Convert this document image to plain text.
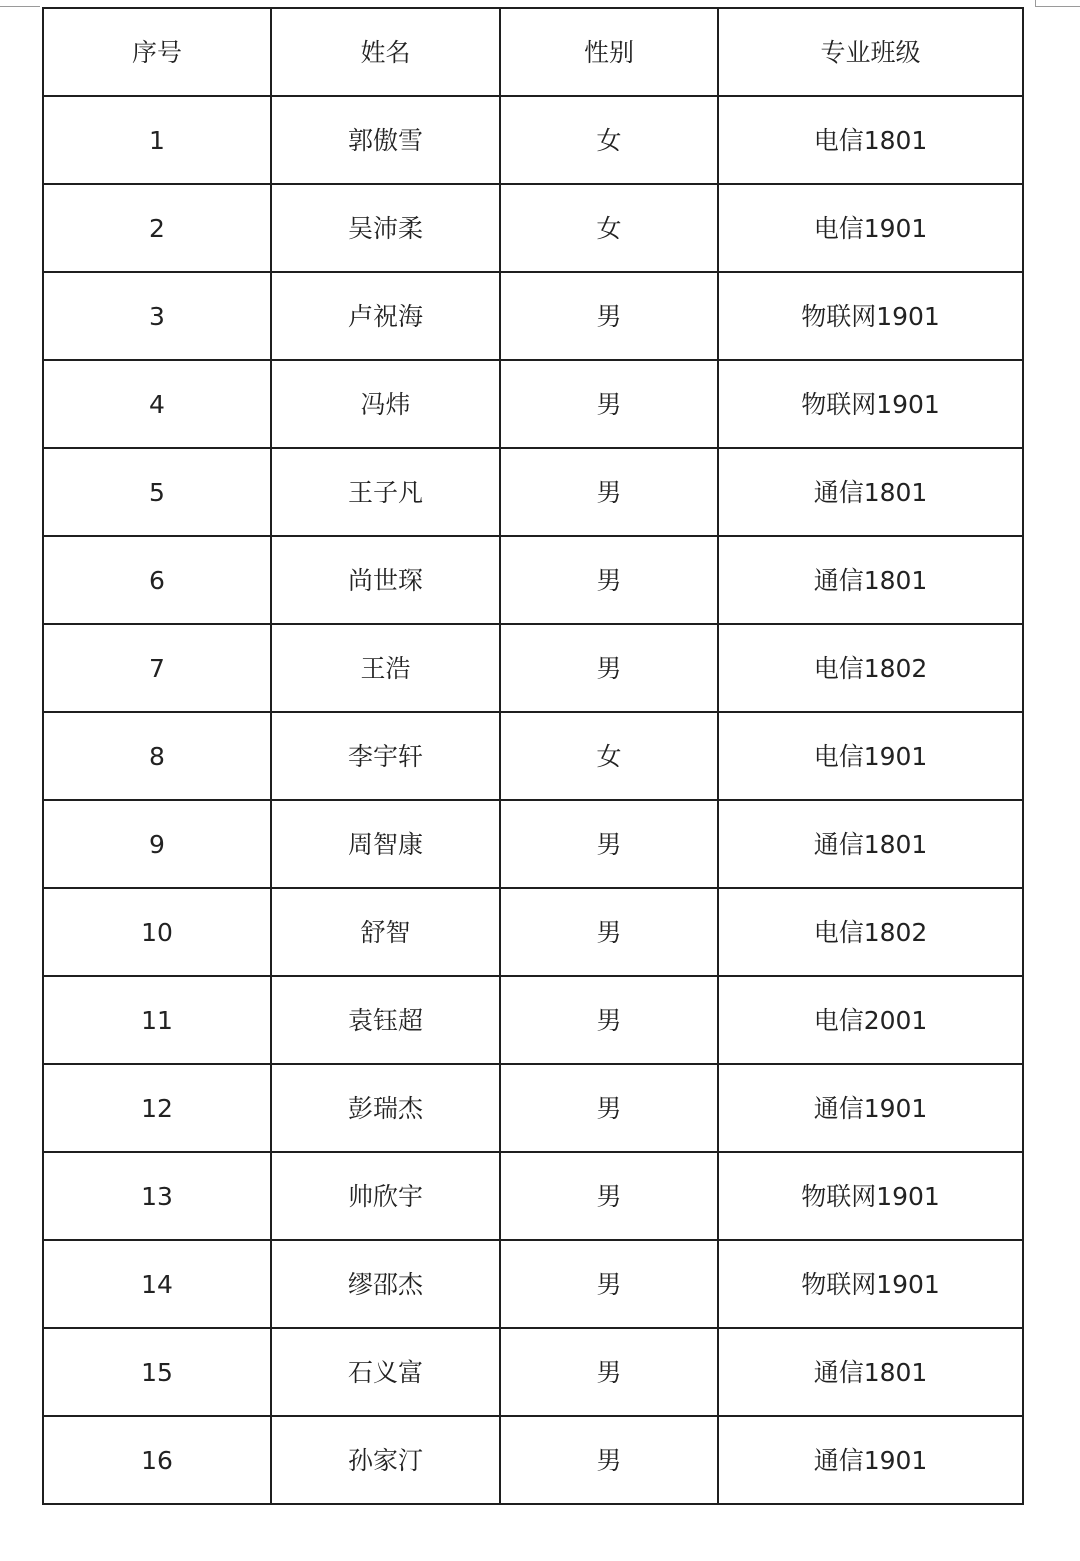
序号	姓名	性别	专业班级
1	郭傲雪	女	电信1801
2	吴沛柔	女	电信1901
3	卢祝海	男	物联网1901
4	冯炜	男	物联网1901
5	王子凡	男	通信1801
6	尚世琛	男	通信1801
7	王浩	男	电信1802
8	李宇轩	女	电信1901
9	周智康	男	通信1801
10	舒智	男	电信1802
11	袁钰超	男	电信2001
12	彭瑞杰	男	通信1901
13	帅欣宇	男	物联网1901
14	缪邵杰	男	物联网1901
15	石义富	男	通信1801
16	孙家汀	男	通信1901
